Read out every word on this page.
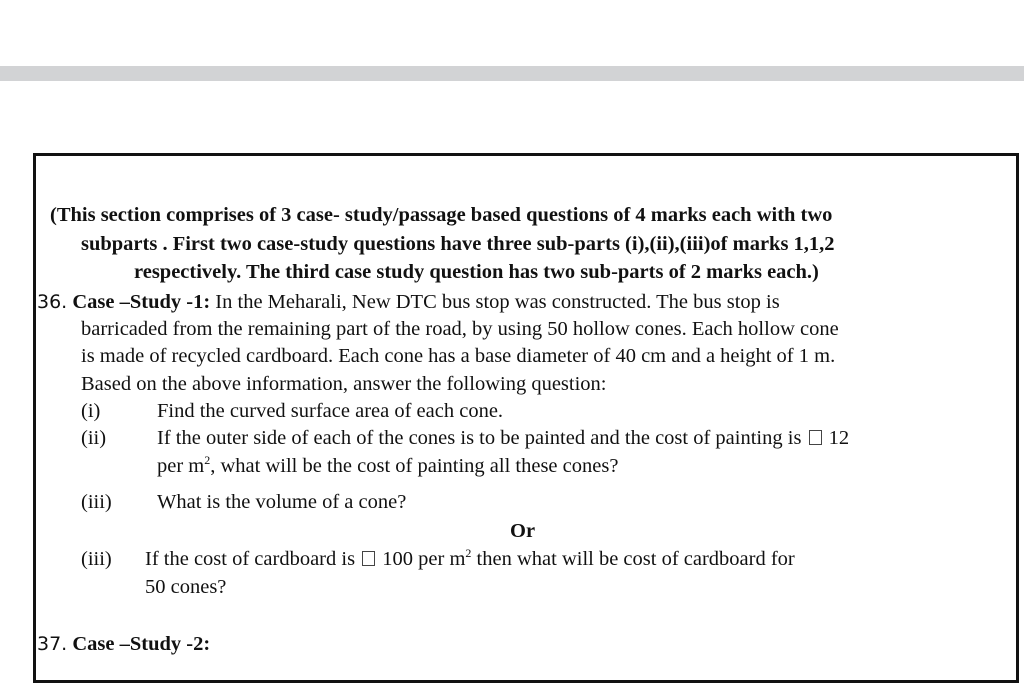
(This section comprises of 3 case- study/passage based questions of 4 marks each with two
subparts . First two case-study questions have three sub-parts (i),(ii),(iii)of marks 1,1,2
respectively. The third case study question has two sub-parts of 2 marks each.)
36. Case –Study -1: In the Meharali, New DTC bus stop was constructed. The bus stop is
barricaded from the remaining part of the road, by using 50 hollow cones. Each hollow cone
is made of recycled cardboard. Each cone has a base diameter of 40 cm and a height of 1 m.
Based on the above information, answer the following question:
(i)	Find the curved surface area of each cone.
(ii) If the outer side of each of the cones is to be painted and the cost of painting is 12
per $m^2$, what will be the cost of painting all these cones?
(iii) What is the volume of a cone?
Or
(iii) If the cost of cardboard is 100 per $m^2$ then what will be cost of cardboard for
50 cones?
37. Case –Study -2:
